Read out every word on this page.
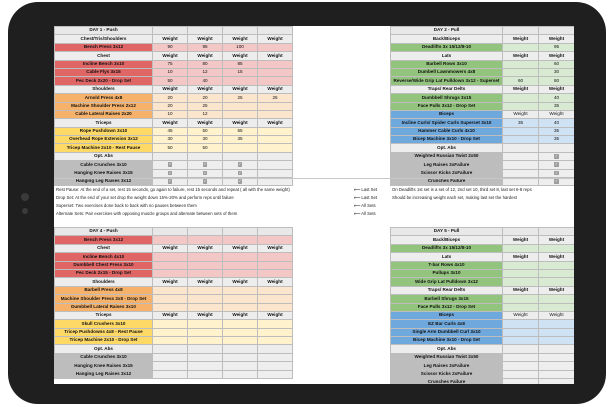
DAY 1 - Push				
Chest/Tris/Shoulders	Weight	Weight	Weight	Weight
Bench Press 3x12	90	95	100	
Chest	Weight	Weight	Weight	Weight
Incline Bench 3x10	75	80	85	
Cable Flys 3x15	10	12	15	
Pec Deck 2x20 - Drop Set	50	40		
Shoulders	Weight	Weight	Weight	Weight
Arnold Press 4x8	20	20	25	25
Machine Shoulder Press 2x12	20	25		
Cable Lateral Raises 2x20	10	12		
Triceps	Weight	Weight	Weight	Weight
Rope Pushdown 3x10	45	50	55	
Overhead Rope Extension 3x12	30	30	35	
Tricep Machine 2x10 - Rest Pause	50	50		
Opt. Abs				
Cable Crunches 3x10	✓	✓	✓	
Hanging Knee Raises 3x15	✓	✓	✓	
Hanging Leg Raises 3x12	✓	✓	✓	
DAY 2 - Pull		
Back/Biceps	Weight	Weight
Deadlifts 3x 15/12/8-10		95
Lats	Weight	Weight
Barbell Rows 3x10		60
Dumbell Lawnmowers 4x8		30
Reverse/Wide Grip Lat Pulldown 3x12 - Superset	60	60
Traps/ Rear Delts	Weight	Weight
Dumbbell Shrugs 3x15		40
Face Pulls 3x12 - Drop Set		35
Biceps	Weight	Weight
Incline Curls/ Spider Curls Superset 3x10	35	40
Hammer Cable Curls 4x10		35
Bicep Machine 3x10 - Drop Set		35
Opt. Abs		
Weighted Russian Twist 2x50		✓
Leg Raises 3xFailure		✓
Scissor Kicks 2xFailure		✓
Crunches Failure		✓
Rest Pause: At the end of a set, rest 15 seconds, go again to failure, rest 15 seconds and repeat ( all with the same weight)
Drop Set: At the end of your set drop the weight down 15%-20% and perform reps until failure
Superset: Two exercises done back to back with no pauses between them
Alternate Sets: Pair exercises with opposing muscle groups and alternate between sets of them
⟵ Last Set
⟵ Last Set
⟵ All Sets
⟵ All Sets
On Deadlifts 1st set is a set of 12, 2nd set 10, third set 8, last set 6-8 reps
Should be increasing weight each set, making last set the hardest
DAY 4 - Push				
Bench Press 3x12				
Chest	Weight	Weight	Weight	Weight
Incline Bench 4x10				
Dumbbell Chest Press 3x10				
Pec Deck 2x15 - Drop Set				
Shoulders	Weight	Weight	Weight	Weight
Barbell Press 4x8				
Machine Shoulder Press 2x8 - Drop Set				
Dumbbell Lateral Raises 3x10				
Triceps	Weight	Weight	Weight	Weight
Skull Crushers 3x10				
Tricep Pushdowns 4x8 - Rest Pause				
Tricep Machine 2x10 - Drop Set				
Opt. Abs				
Cable Crunches 3x10				
Hanging Knee Raises 3x15				
Hanging Leg Raises 3x12				
DAY 5 - Pull		
Back/Biceps	Weight	Weight
Deadlifts 3x 15/12/8-10		
Lats	Weight	Weight
T-bar Rows 4x10		
Pullups 3x10		
Wide Grip Lat Pulldown 3x12		
Traps/ Rear Delts	Weight	Weight
Barbell Shrugs 3x15		
Face Pulls 3x12 - Drop Set		
Biceps	Weight	Weight
EZ Bar Curls 4x8		
Single Arm Dumbbell Curl 3x10		
Bicep Machine 3x10 - Drop Set		
Opt. Abs		
Weighted Russian Twist 2x50		
Leg Raises 3xFailure		
Scissor Kicks 2xFailure		
Crunches Failure		
